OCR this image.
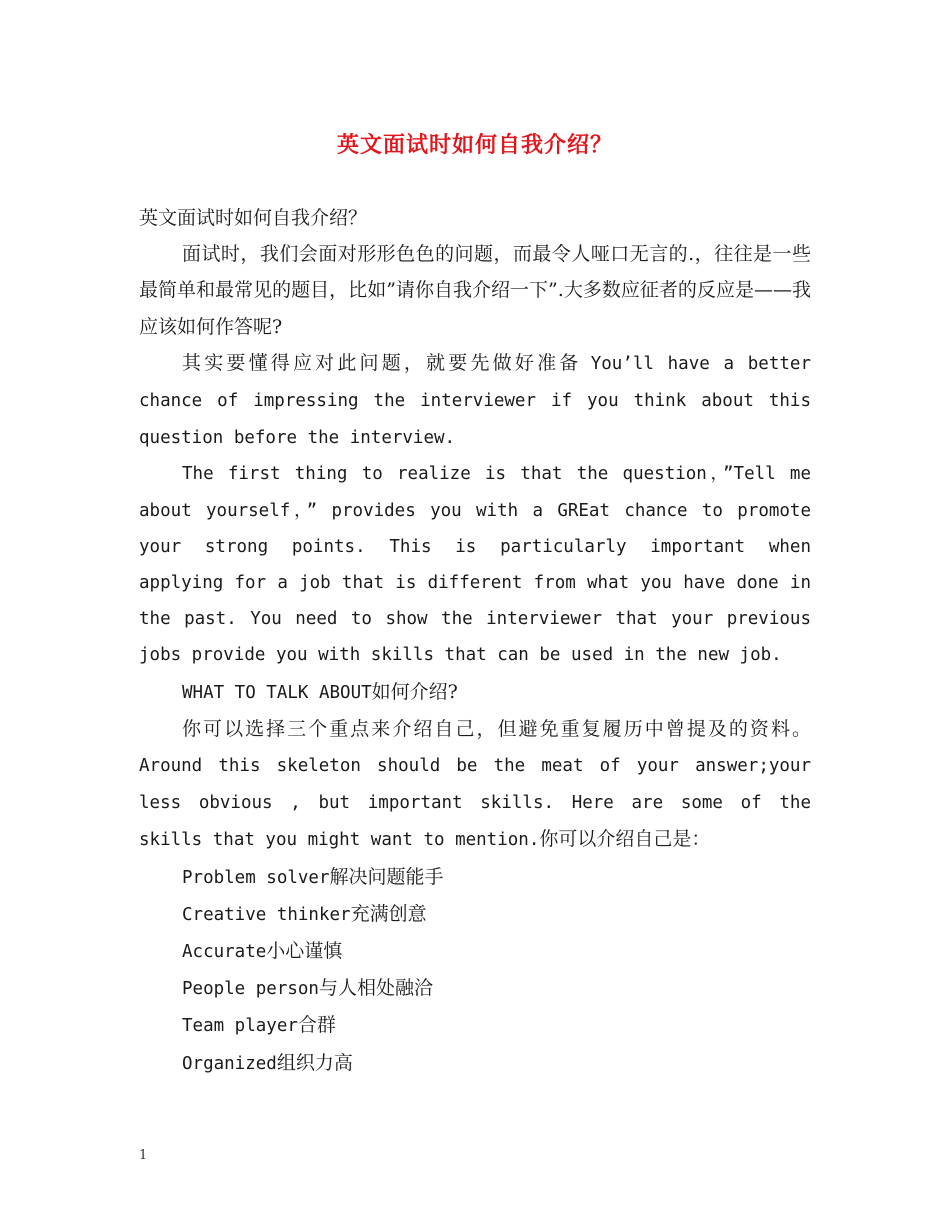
英文面试时如何自我介绍？

英文面试时如何自我介绍？

面试时，我们会面对形形色色的问题，而最令人哑口无言的.，往往是一些最简单和最常见的题目，比如”请你自我介绍一下”.大多数应征者的反应是——我应该如何作答呢?

其实要懂得应对此问题，就要先做好准备 You’ll have a better chance of impressing the interviewer if you think about this question before the interview.

The first thing to realize is that the question，”Tell me about yourself，” provides you with a GREat chance to promote your strong points. This is particularly important when applying for a job that is different from what you have done in the past. You need to show the interviewer that your previous jobs provide you with skills that can be used in the new job.

WHAT TO TALK ABOUT如何介绍?

你可以选择三个重点来介绍自己，但避免重复履历中曾提及的资料。Around this skeleton should be the meat of your answer;your less obvious , but important skills. Here are some of the skills that you might want to mention.你可以介绍自己是：

Problem solver解决问题能手

Creative thinker充满创意

Accurate小心谨慎

People person与人相处融洽

Team player合群

Organized组织力高

1
